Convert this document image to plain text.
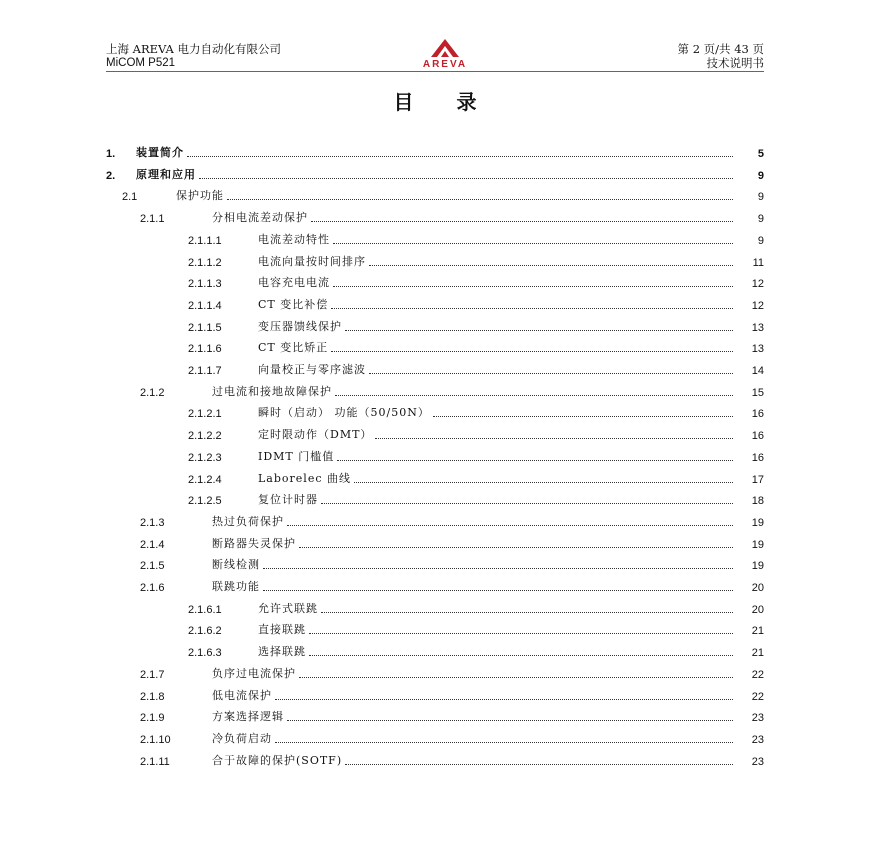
上海 AREVA 电力自动化有限公司
MiCOM P521	AREVA
第 2 页/共 43 页
技术说明书
目 录
1. 装置简介	5
2. 原理和应用	9
2.1	保护功能	9
2.1.1	分相电流差动保护	9
2.1.1.1	电流差动特性	9
2.1.1.2	电流向量按时间排序	11
2.1.1.3	电容充电电流	12
2.1.1.4	CT 变比补偿	12
2.1.1.5	变压器馈线保护	13
2.1.1.6	CT 变比矫正	13
2.1.1.7	向量校正与零序滤波	14
2.1.2	过电流和接地故障保护	15
2.1.2.1	瞬时（启动） 功能（50/50N）	16
2.1.2.2	定时限动作（DMT）	16
2.1.2.3	IDMT 门槛值	16
2.1.2.4	Laborelec 曲线	17
2.1.2.5	复位计时器	18
2.1.3	热过负荷保护	19
2.1.4	断路器失灵保护	19
2.1.5	断线检测	19
2.1.6	联跳功能	20
2.1.6.1	允许式联跳	20
2.1.6.2	直接联跳	21
2.1.6.3	选择联跳	21
2.1.7	负序过电流保护	22
2.1.8	低电流保护	22
2.1.9	方案选择逻辑	23
2.1.10	冷负荷启动	23
2.1.11	合于故障的保护(SOTF)	23
